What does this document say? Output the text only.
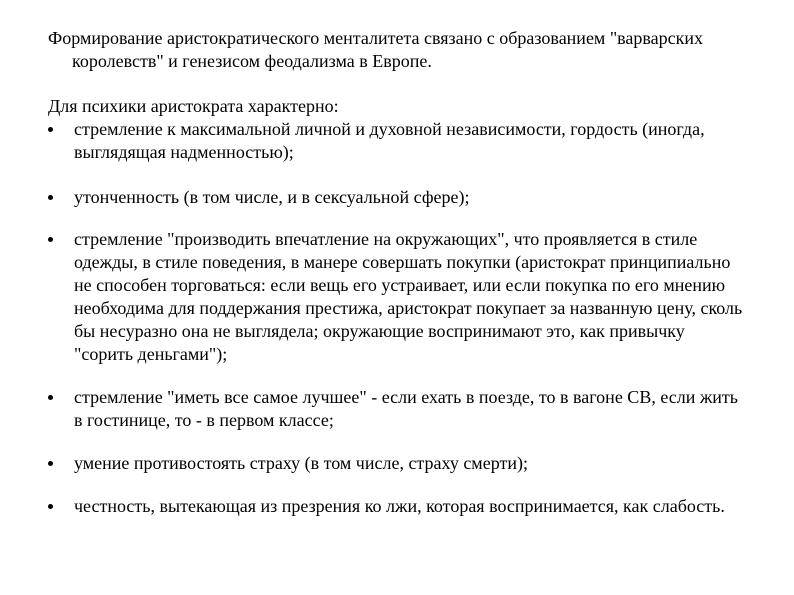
Формирование аристократического менталитета связано с образованием "варварских королевств" и генезисом феодализма в Европе.

Для психики аристократа характерно:

стремление к максимальной личной и духовной независимости, гордость (иногда, выглядящая надменностью);
утонченность (в том числе, и в сексуальной сфере);
стремление "производить впечатление на окружающих", что проявляется в стиле одежды, в стиле поведения, в манере совершать покупки (аристократ принципиально не способен торговаться: если вещь его устраивает, или если покупка по его мнению необходима для поддержания престижа, аристократ покупает за названную цену, сколь бы несуразно она не выглядела; окружающие воспринимают это, как привычку "сорить деньгами");
стремление "иметь все самое лучшее" - если ехать в поезде, то в вагоне СВ, если жить в гостинице, то - в первом классе;
умение противостоять страху (в том числе, страху смерти);
честность, вытекающая из презрения ко лжи, которая воспринимается, как слабость.
